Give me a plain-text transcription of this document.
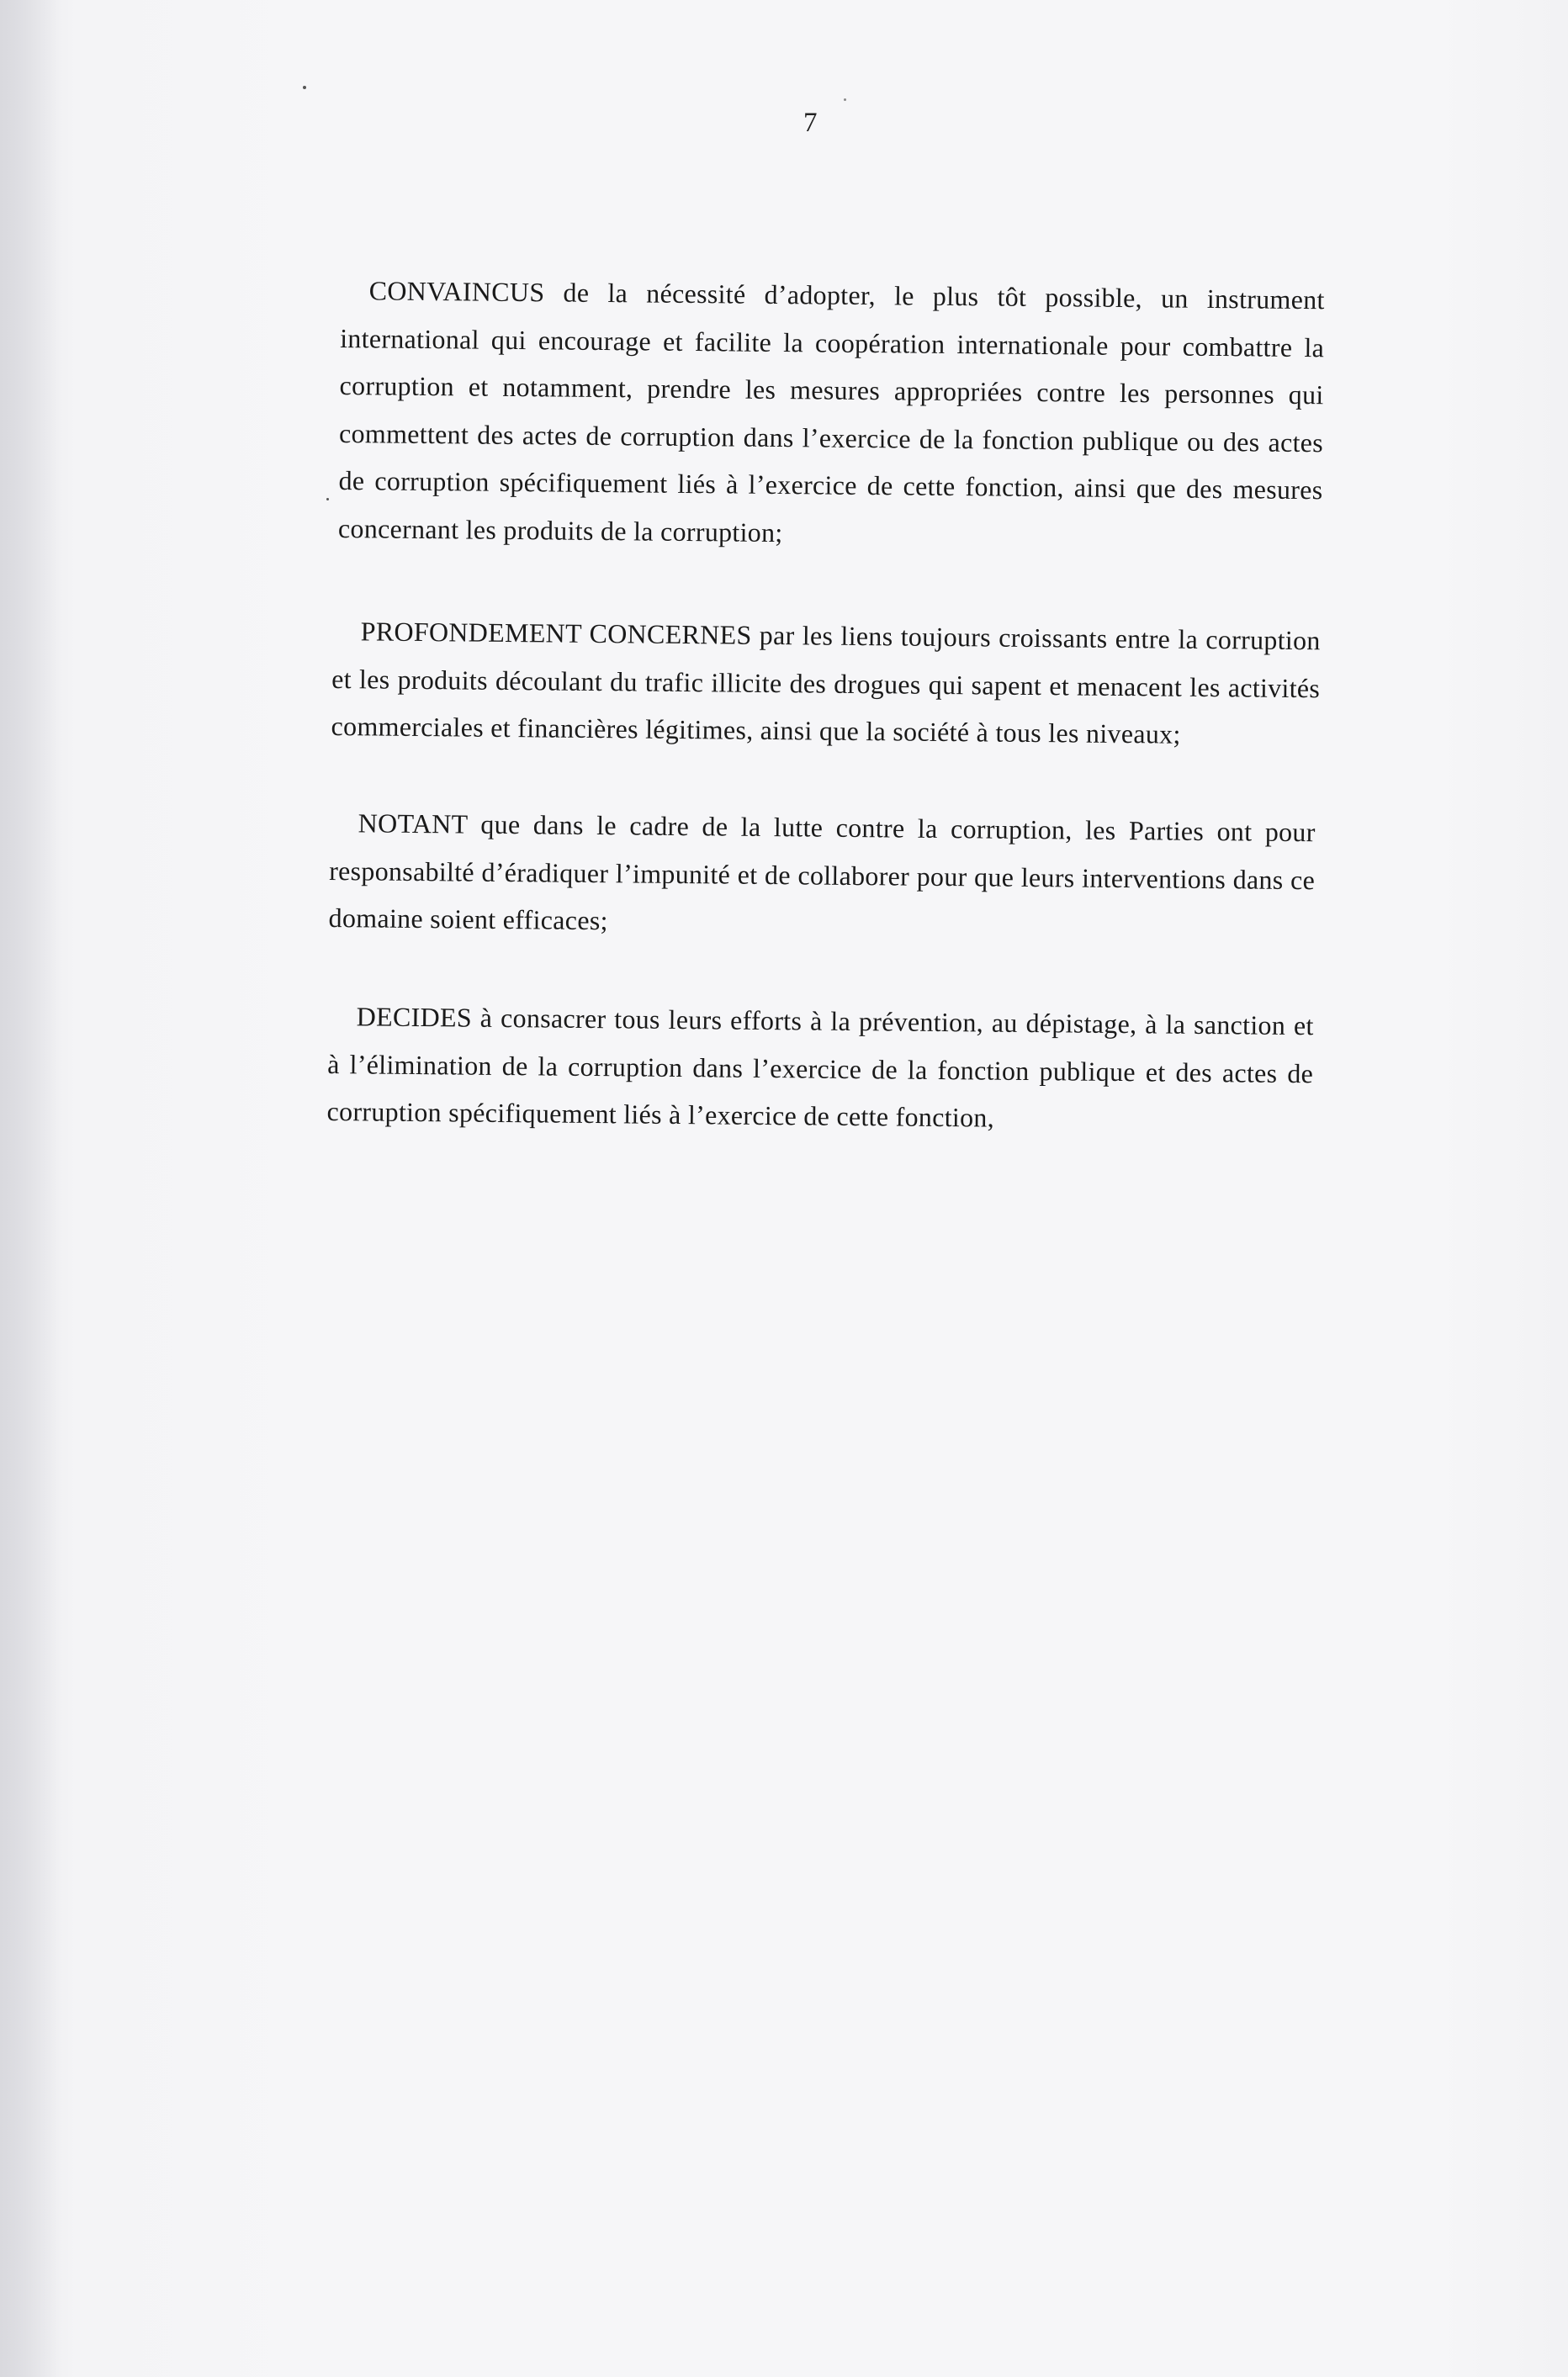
7
CONVAINCUS de la nécessité d’adopter, le plus tôt possible, un instrument international qui encourage et facilite la coopération internationale pour combattre la corruption et notamment, prendre les mesures appropriées contre les personnes qui commettent des actes de corruption dans l’exercice de la fonction publique ou des actes de corruption spécifiquement liés à l’exercice de cette fonction, ainsi que des mesures concernant les produits de la corruption;
PROFONDEMENT CONCERNES par les liens toujours croissants entre la corruption et les produits découlant du trafic illicite des drogues qui sapent et menacent les activités commerciales et financières légitimes, ainsi que la société à tous les niveaux;
NOTANT que dans le cadre de la lutte contre la corruption, les Parties ont pour responsabilté d’éradiquer l’impunité et de collaborer pour que leurs interventions dans ce domaine soient efficaces;
DECIDES à consacrer tous leurs efforts à la prévention, au dépistage, à la sanction et à l’élimination de la corruption dans l’exercice de la fonction publique et des actes de corruption spécifiquement liés à l’exercice de cette fonction,
